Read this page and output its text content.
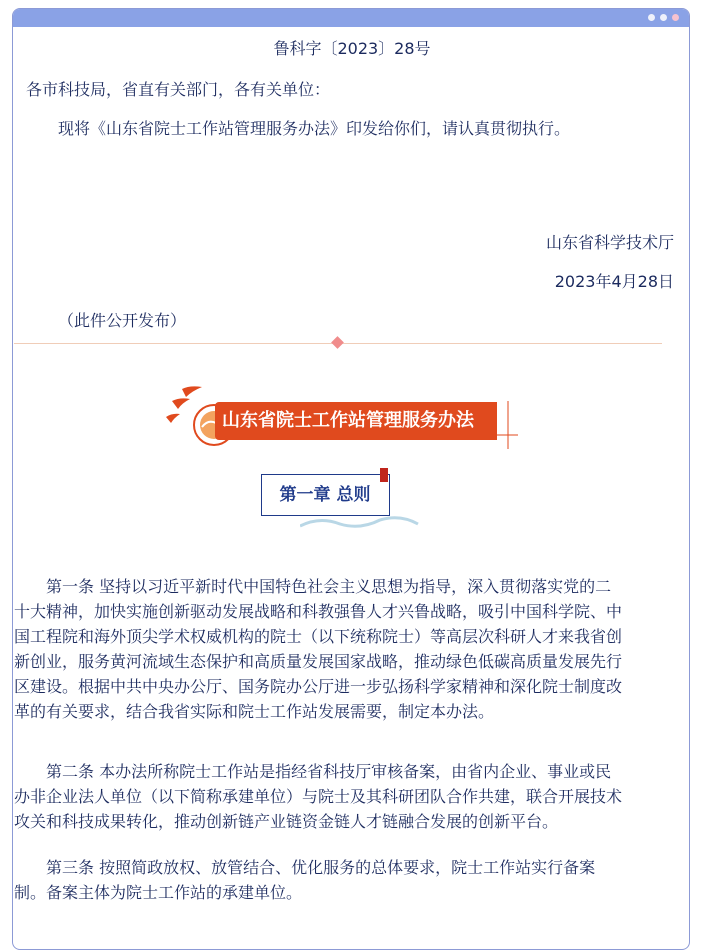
鲁科字〔2023〕28号
各市科技局，省直有关部门，各有关单位：
现将《山东省院士工作站管理服务办法》印发给你们，请认真贯彻执行。
山东省科学技术厅
2023年4月28日
（此件公开发布）
山东省院士工作站管理服务办法
第一章 总则
第一条 坚持以习近平新时代中国特色社会主义思想为指导，深入贯彻落实党的二
十大精神，加快实施创新驱动发展战略和科教强鲁人才兴鲁战略，吸引中国科学院、中
国工程院和海外顶尖学术权威机构的院士（以下统称院士）等高层次科研人才来我省创
新创业，服务黄河流域生态保护和高质量发展国家战略，推动绿色低碳高质量发展先行
区建设。根据中共中央办公厅、国务院办公厅进一步弘扬科学家精神和深化院士制度改
革的有关要求，结合我省实际和院士工作站发展需要，制定本办法。
第二条 本办法所称院士工作站是指经省科技厅审核备案，由省内企业、事业或民
办非企业法人单位（以下简称承建单位）与院士及其科研团队合作共建，联合开展技术
攻关和科技成果转化，推动创新链产业链资金链人才链融合发展的创新平台。
第三条 按照简政放权、放管结合、优化服务的总体要求，院士工作站实行备案
制。备案主体为院士工作站的承建单位。
